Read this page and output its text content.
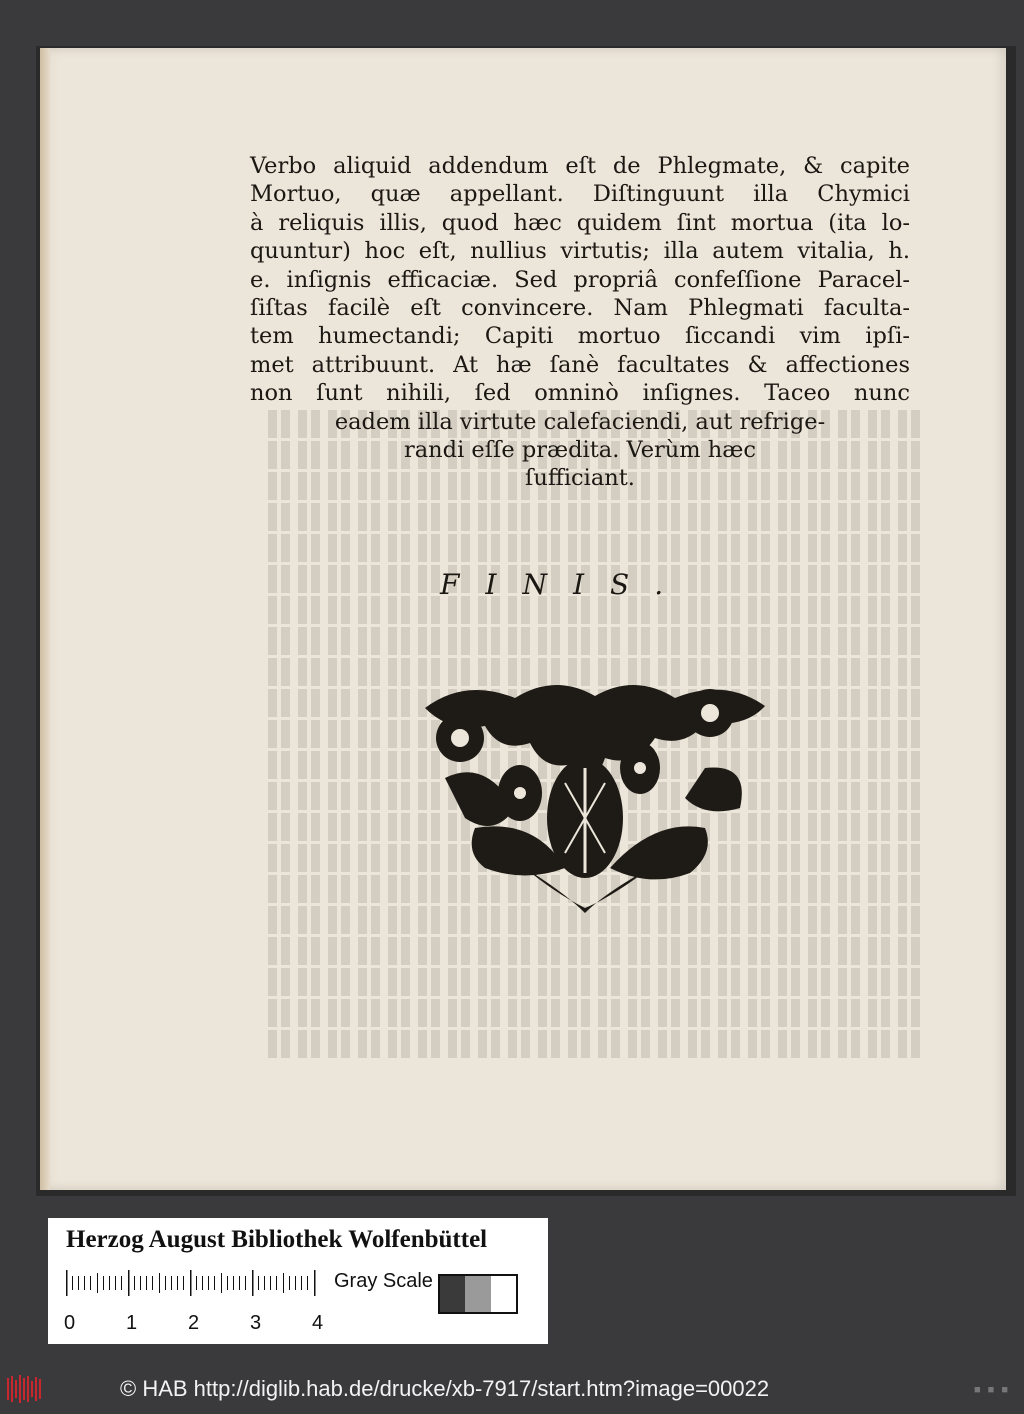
Verbo aliquid addendum eſt de Phlegmate, & capite
Mortuo, quæ appellant. Diſtinguunt illa Chymici
à reliquis illis, quod hæc quidem ſint mortua (ita lo-
quuntur) hoc eſt, nullius virtutis; illa autem vitalia, h.
e. inſignis efficaciæ. Sed propriâ confeſſione Paracel-
ſiſtas facilè eſt convincere. Nam Phlegmati faculta-
tem humectandi; Capiti mortuo ſiccandi vim ipſi-
met attribuunt. At hæ ſanè facultates & affectiones
non ſunt nihili, ſed omninò inſignes. Taceo nunc
eadem illa virtute calefaciendi, aut refrige-
randi eſſe prædita. Verùm hæc
ſufficiant.
FINIS.
Herzog August Bibliothek Wolfenbüttel
Gray Scale
0	1	2	3	4
© HAB http://diglib.hab.de/drucke/xb-7917/start.htm?image=00022	■ ■ ■
